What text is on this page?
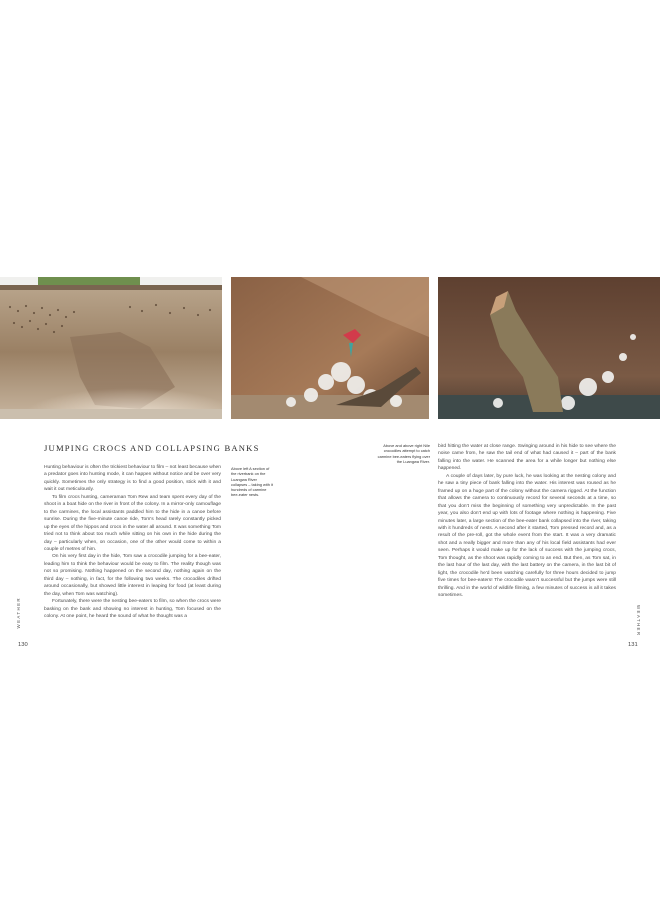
JUMPING CROCS AND COLLAPSING BANKS

Hunting behaviour is often the trickiest behaviour to film – not least because when a predator goes into hunting mode, it can happen without notice and be over very quickly. Sometimes the only strategy is to find a good position, stick with it and wait it out meticulously.

To film crocs hunting, cameraman Tom Rew and team spent every day of the shoot in a boat hide on the river in front of the colony. In a mirror-only camouflage to the carmines, the local assistants paddled him to the hide in a canoe before sunrise. During the five-minute canoe ride, Tom's head rarely constantly picked up the eyes of the hippos and crocs in the water all around. It was something Tom tried not to think about too much while sitting on his own in the hide during the day – particularly when, on occasion, one of the other would come to within a couple of metres of him.

On his very first day in the hide, Tom saw a crocodile jumping for a bee-eater, leading him to think the behaviour would be easy to film. The reality though was not so promising. Nothing happened on the second day, nothing again on the third day – nothing, in fact, for the following two weeks. The crocodiles drifted around occasionally, but showed little interest in leaping for food (at least during the day, when Tom was watching).

Fortunately, there were the nesting bee-eaters to film, so when the crocs were basking on the bank and showing no interest in hunting, Tom focused on the colony. At one point, he heard the sound of what he thought was a

Above left A section of the riverbank on the Luangwa River collapses – taking with it hundreds of carmine bee-eater nests.
Above and above right Nile crocodiles attempt to catch carmine bee-eaters flying over the Luangwa River.

bird hitting the water at close range. Swinging around in his hide to see where the noise came from, he saw the tail end of what had caused it – part of the bank falling into the water. He scanned the area for a while longer but nothing else happened.

A couple of days later, by pure luck, he was looking at the nesting colony and he saw a tiny piece of bank falling into the water. His interest was roused as he framed up on a huge part of the colony without the camera rigged. At the function that allows the camera to continuously record for several seconds at a time, so that you don't miss the beginning of something very unpredictable. In the past year, you also don't end up with lots of footage where nothing is happening. Five minutes later, a large section of the bee-eater bank collapsed into the river, taking with it hundreds of nests. A second after it started, Tom pressed record and, as a result of the pre-roll, got the whole event from the start. It was a very dramatic shot and a really bigger and more than any of his local field assistants had ever seen. Perhaps it would make up for the lack of success with the jumping crocs, Tom thought, as the shoot was rapidly coming to an end. But then, as Tom sat, in the last hour of the last day, with the last battery on the camera, in the last bit of light, the crocodile he'd been watching carefully for three hours decided to jump five times for bee-eaters! The crocodile wasn't successful but the jumps were still thrilling. And in the world of wildlife filming, a few minutes of success is all it takes sometimes.

WEATHER	WEATHER
130	131
